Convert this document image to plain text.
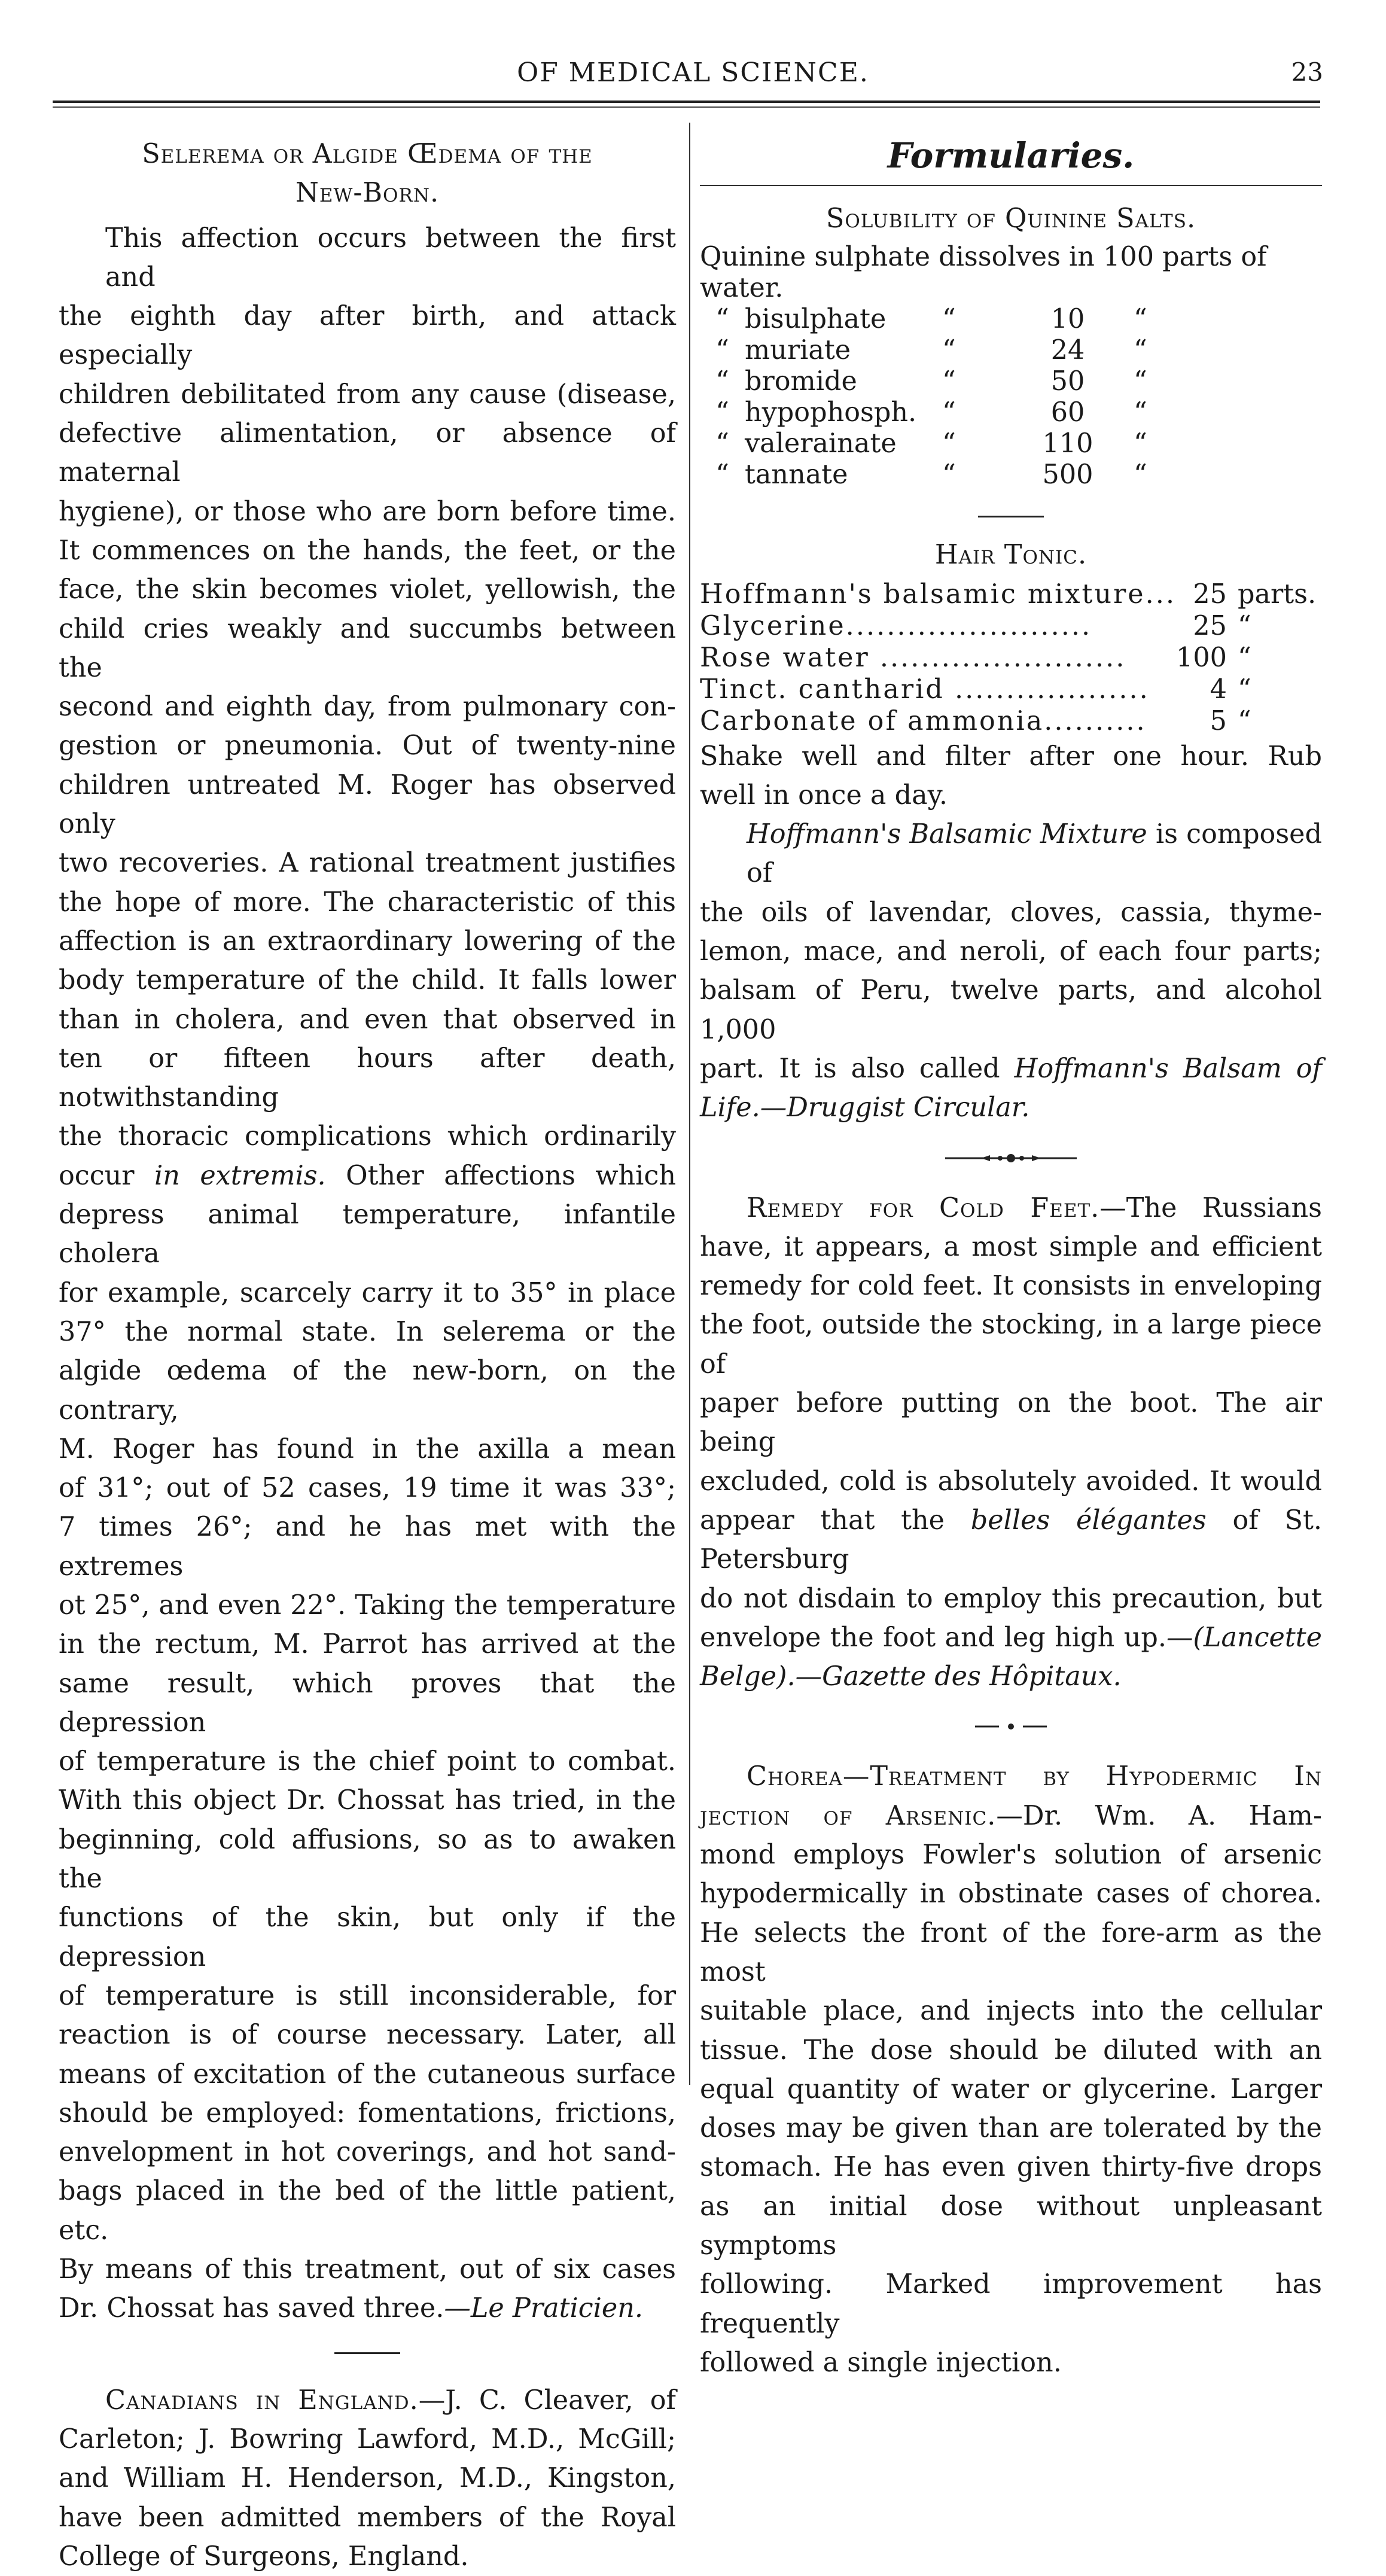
OF MEDICAL SCIENCE.	23

Selerema or Algide Œdema of the

New-Born.

This affection occurs between the first and

the eighth day after birth, and attack especially

children debilitated from any cause (disease,

defective alimentation, or absence of maternal

hygiene), or those who are born before time.

It commences on the hands, the feet, or the

face, the skin becomes violet, yellowish, the

child cries weakly and succumbs between the

second and eighth day, from pulmonary con-

gestion or pneumonia. Out of twenty-nine

children untreated M. Roger has observed only

two recoveries. A rational treatment justifies

the hope of more. The characteristic of this

affection is an extraordinary lowering of the

body temperature of the child. It falls lower

than in cholera, and even that observed in

ten or fifteen hours after death, notwithstanding

the thoracic complications which ordinarily

occur in extremis. Other affections which

depress animal temperature, infantile cholera

for example, scarcely carry it to 35° in place

37° the normal state. In selerema or the

algide œdema of the new-born, on the contrary,

M. Roger has found in the axilla a mean

of 31°; out of 52 cases, 19 time it was 33°;

7 times 26°; and he has met with the extremes

ot 25°, and even 22°. Taking the temperature

in the rectum, M. Parrot has arrived at the

same result, which proves that the depression

of temperature is the chief point to combat.

With this object Dr. Chossat has tried, in the

beginning, cold affusions, so as to awaken the

functions of the skin, but only if the depression

of temperature is still inconsiderable, for

reaction is of course necessary. Later, all

means of excitation of the cutaneous surface

should be employed: fomentations, frictions,

envelopment in hot coverings, and hot sand-

bags placed in the bed of the little patient, etc.

By means of this treatment, out of six cases

Dr. Chossat has saved three.—Le Praticien.

Canadians in England.—J. C. Cleaver, of

Carleton; J. Bowring Lawford, M.D., McGill;

and William H. Henderson, M.D., Kingston,

have been admitted members of the Royal

College of Surgeons, England.

Formularies.

Solubility of Quinine Salts.

Quinine sulphate dissolves in 100 parts of water.

“	bisulphate	“	10	“
“	muriate	“	24	“
“	bromide	“	50	“
“	hypophosph.	“	60	“
“	valerainate	“	110	“
“	tannate	“	500	“

Hair Tonic.

Hoffmann's balsamic mixture...	25	parts.
Glycerine........................	25	“
Rose water ........................	100	“
Tinct. cantharid ...................	4	“
Carbonate of ammonia..........	5	“

Shake well and filter after one hour. Rub

well in once a day.

Hoffmann's Balsamic Mixture is composed of

the oils of lavendar, cloves, cassia, thyme-

lemon, mace, and neroli, of each four parts;

balsam of Peru, twelve parts, and alcohol 1,000

part. It is also called Hoffmann's Balsam of

Life.—Druggist Circular.

Remedy for Cold Feet.—The Russians

have, it appears, a most simple and efficient

remedy for cold feet. It consists in enveloping

the foot, outside the stocking, in a large piece of

paper before putting on the boot. The air being

excluded, cold is absolutely avoided. It would

appear that the belles élégantes of St. Petersburg

do not disdain to employ this precaution, but

envelope the foot and leg high up.—(Lancette

Belge).—Gazette des Hôpitaux.

Chorea—Treatment by Hypodermic In

jection of Arsenic.—Dr. Wm. A. Ham-

mond employs Fowler's solution of arsenic

hypodermically in obstinate cases of chorea.

He selects the front of the fore-arm as the most

suitable place, and injects into the cellular

tissue. The dose should be diluted with an

equal quantity of water or glycerine. Larger

doses may be given than are tolerated by the

stomach. He has even given thirty-five drops

as an initial dose without unpleasant symptoms

following. Marked improvement has frequently

followed a single injection.
